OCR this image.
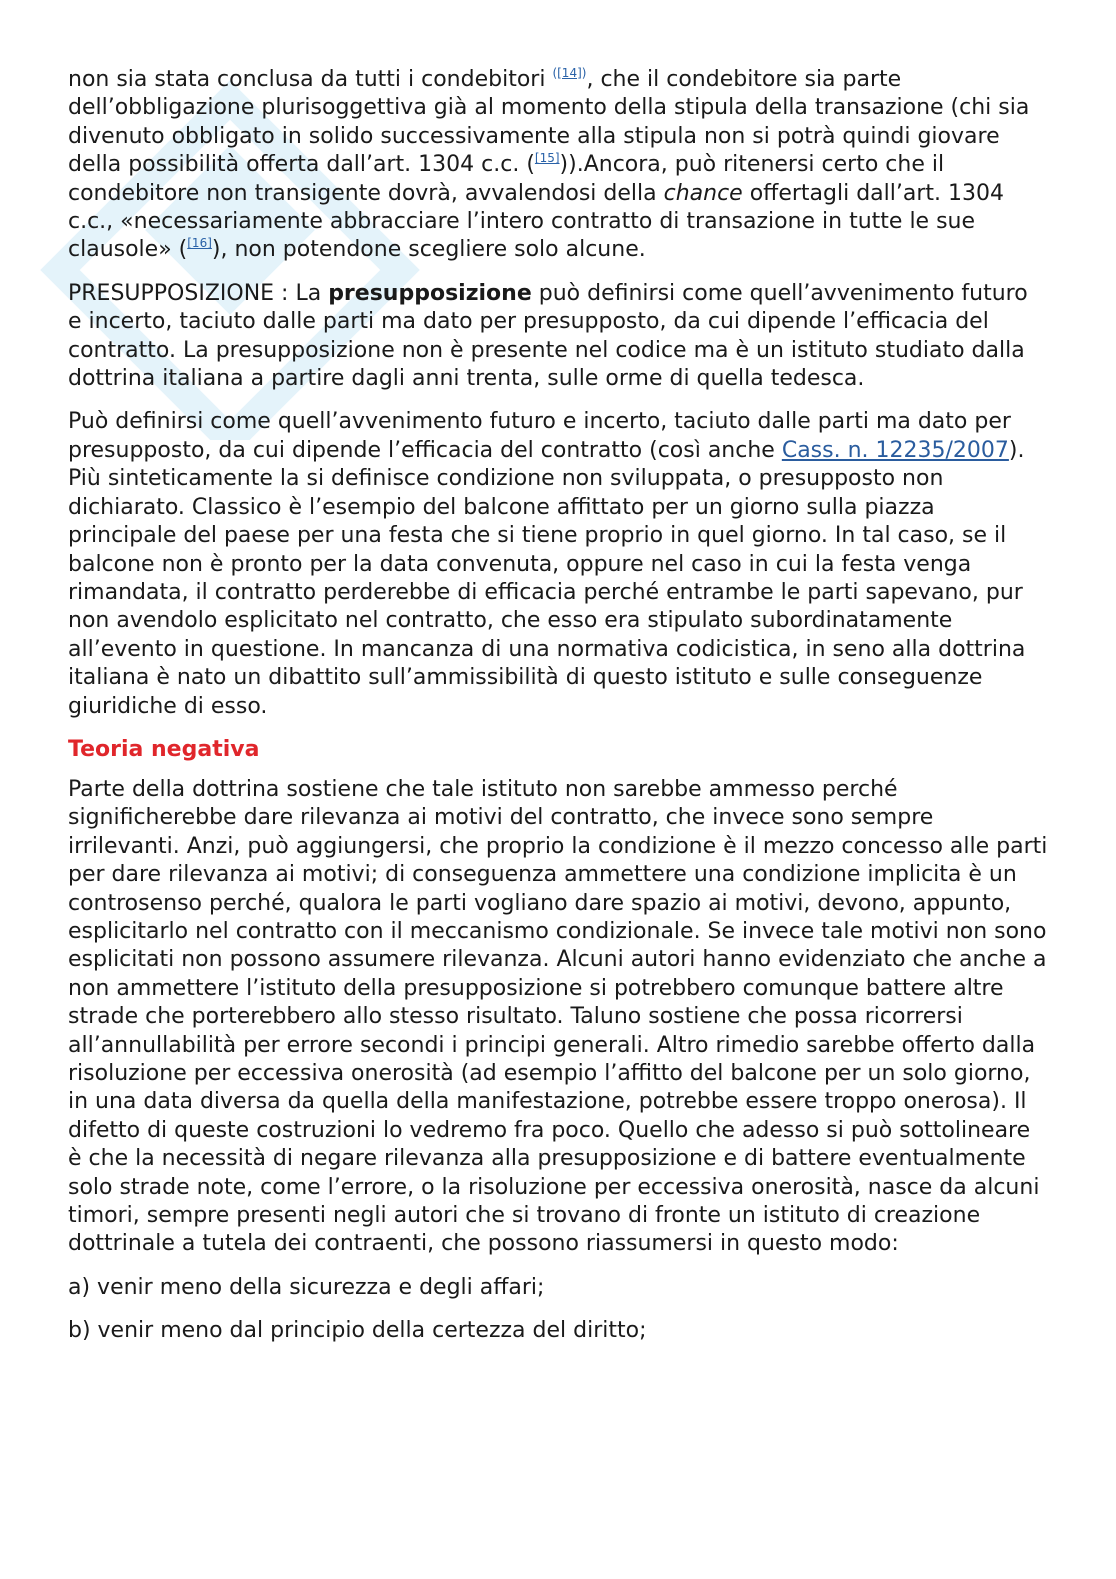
non sia stata conclusa da tutti i condebitori $^{([14])}$, che il condebitore sia parte dell’obbligazione plurisoggettiva già al momento della stipula della transazione (chi sia divenuto obbligato in solido successivamente alla stipula non si potrà quindi giovare della possibilità offerta dall’art. 1304 c.c. ([15])).Ancora, può ritenersi certo che il condebitore non transigente dovrà, avvalendosi della chance offertagli dall’art. 1304 c.c., «necessariamente abbracciare l’intero contratto di transazione in tutte le sue clausole» ([16]), non potendone scegliere solo alcune.

PRESUPPOSIZIONE : La presupposizione può definirsi come quell’avvenimento futuro e incerto, taciuto dalle parti ma dato per presupposto, da cui dipende l’efficacia del contratto. La presupposizione non è presente nel codice ma è un istituto studiato dalla dottrina italiana a partire dagli anni trenta, sulle orme di quella tedesca.

Può definirsi come quell’avvenimento futuro e incerto, taciuto dalle parti ma dato per presupposto, da cui dipende l’efficacia del contratto (così anche Cass. n. 12235/2007). Più sinteticamente la si definisce condizione non sviluppata, o presupposto non dichiarato. Classico è l’esempio del balcone affittato per un giorno sulla piazza principale del paese per una festa che si tiene proprio in quel giorno. In tal caso, se il balcone non è pronto per la data convenuta, oppure nel caso in cui la festa venga rimandata, il contratto perderebbe di efficacia perché entrambe le parti sapevano, pur non avendolo esplicitato nel contratto, che esso era stipulato subordinatamente all’evento in questione. In mancanza di una normativa codicistica, in seno alla dottrina italiana è nato un dibattito sull’ammissibilità di questo istituto e sulle conseguenze giuridiche di esso.

Teoria negativa

Parte della dottrina sostiene che tale istituto non sarebbe ammesso perché significherebbe dare rilevanza ai motivi del contratto, che invece sono sempre irrilevanti. Anzi, può aggiungersi, che proprio la condizione è il mezzo concesso alle parti per dare rilevanza ai motivi; di conseguenza ammettere una condizione implicita è un controsenso perché, qualora le parti vogliano dare spazio ai motivi, devono, appunto, esplicitarlo nel contratto con il meccanismo condizionale. Se invece tale motivi non sono esplicitati non possono assumere rilevanza. Alcuni autori hanno evidenziato che anche a non ammettere l’istituto della presupposizione si potrebbero comunque battere altre strade che porterebbero allo stesso risultato. Taluno sostiene che possa ricorrersi all’annullabilità per errore secondi i principi generali. Altro rimedio sarebbe offerto dalla risoluzione per eccessiva onerosità (ad esempio l’affitto del balcone per un solo giorno, in una data diversa da quella della manifestazione, potrebbe essere troppo onerosa). Il difetto di queste costruzioni lo vedremo fra poco. Quello che adesso si può sottolineare è che la necessità di negare rilevanza alla presupposizione e di battere eventualmente solo strade note, come l’errore, o la risoluzione per eccessiva onerosità, nasce da alcuni timori, sempre presenti negli autori che si trovano di fronte un istituto di creazione dottrinale a tutela dei contraenti, che possono riassumersi in questo modo:

a) venir meno della sicurezza e degli affari;

b) venir meno dal principio della certezza del diritto;
